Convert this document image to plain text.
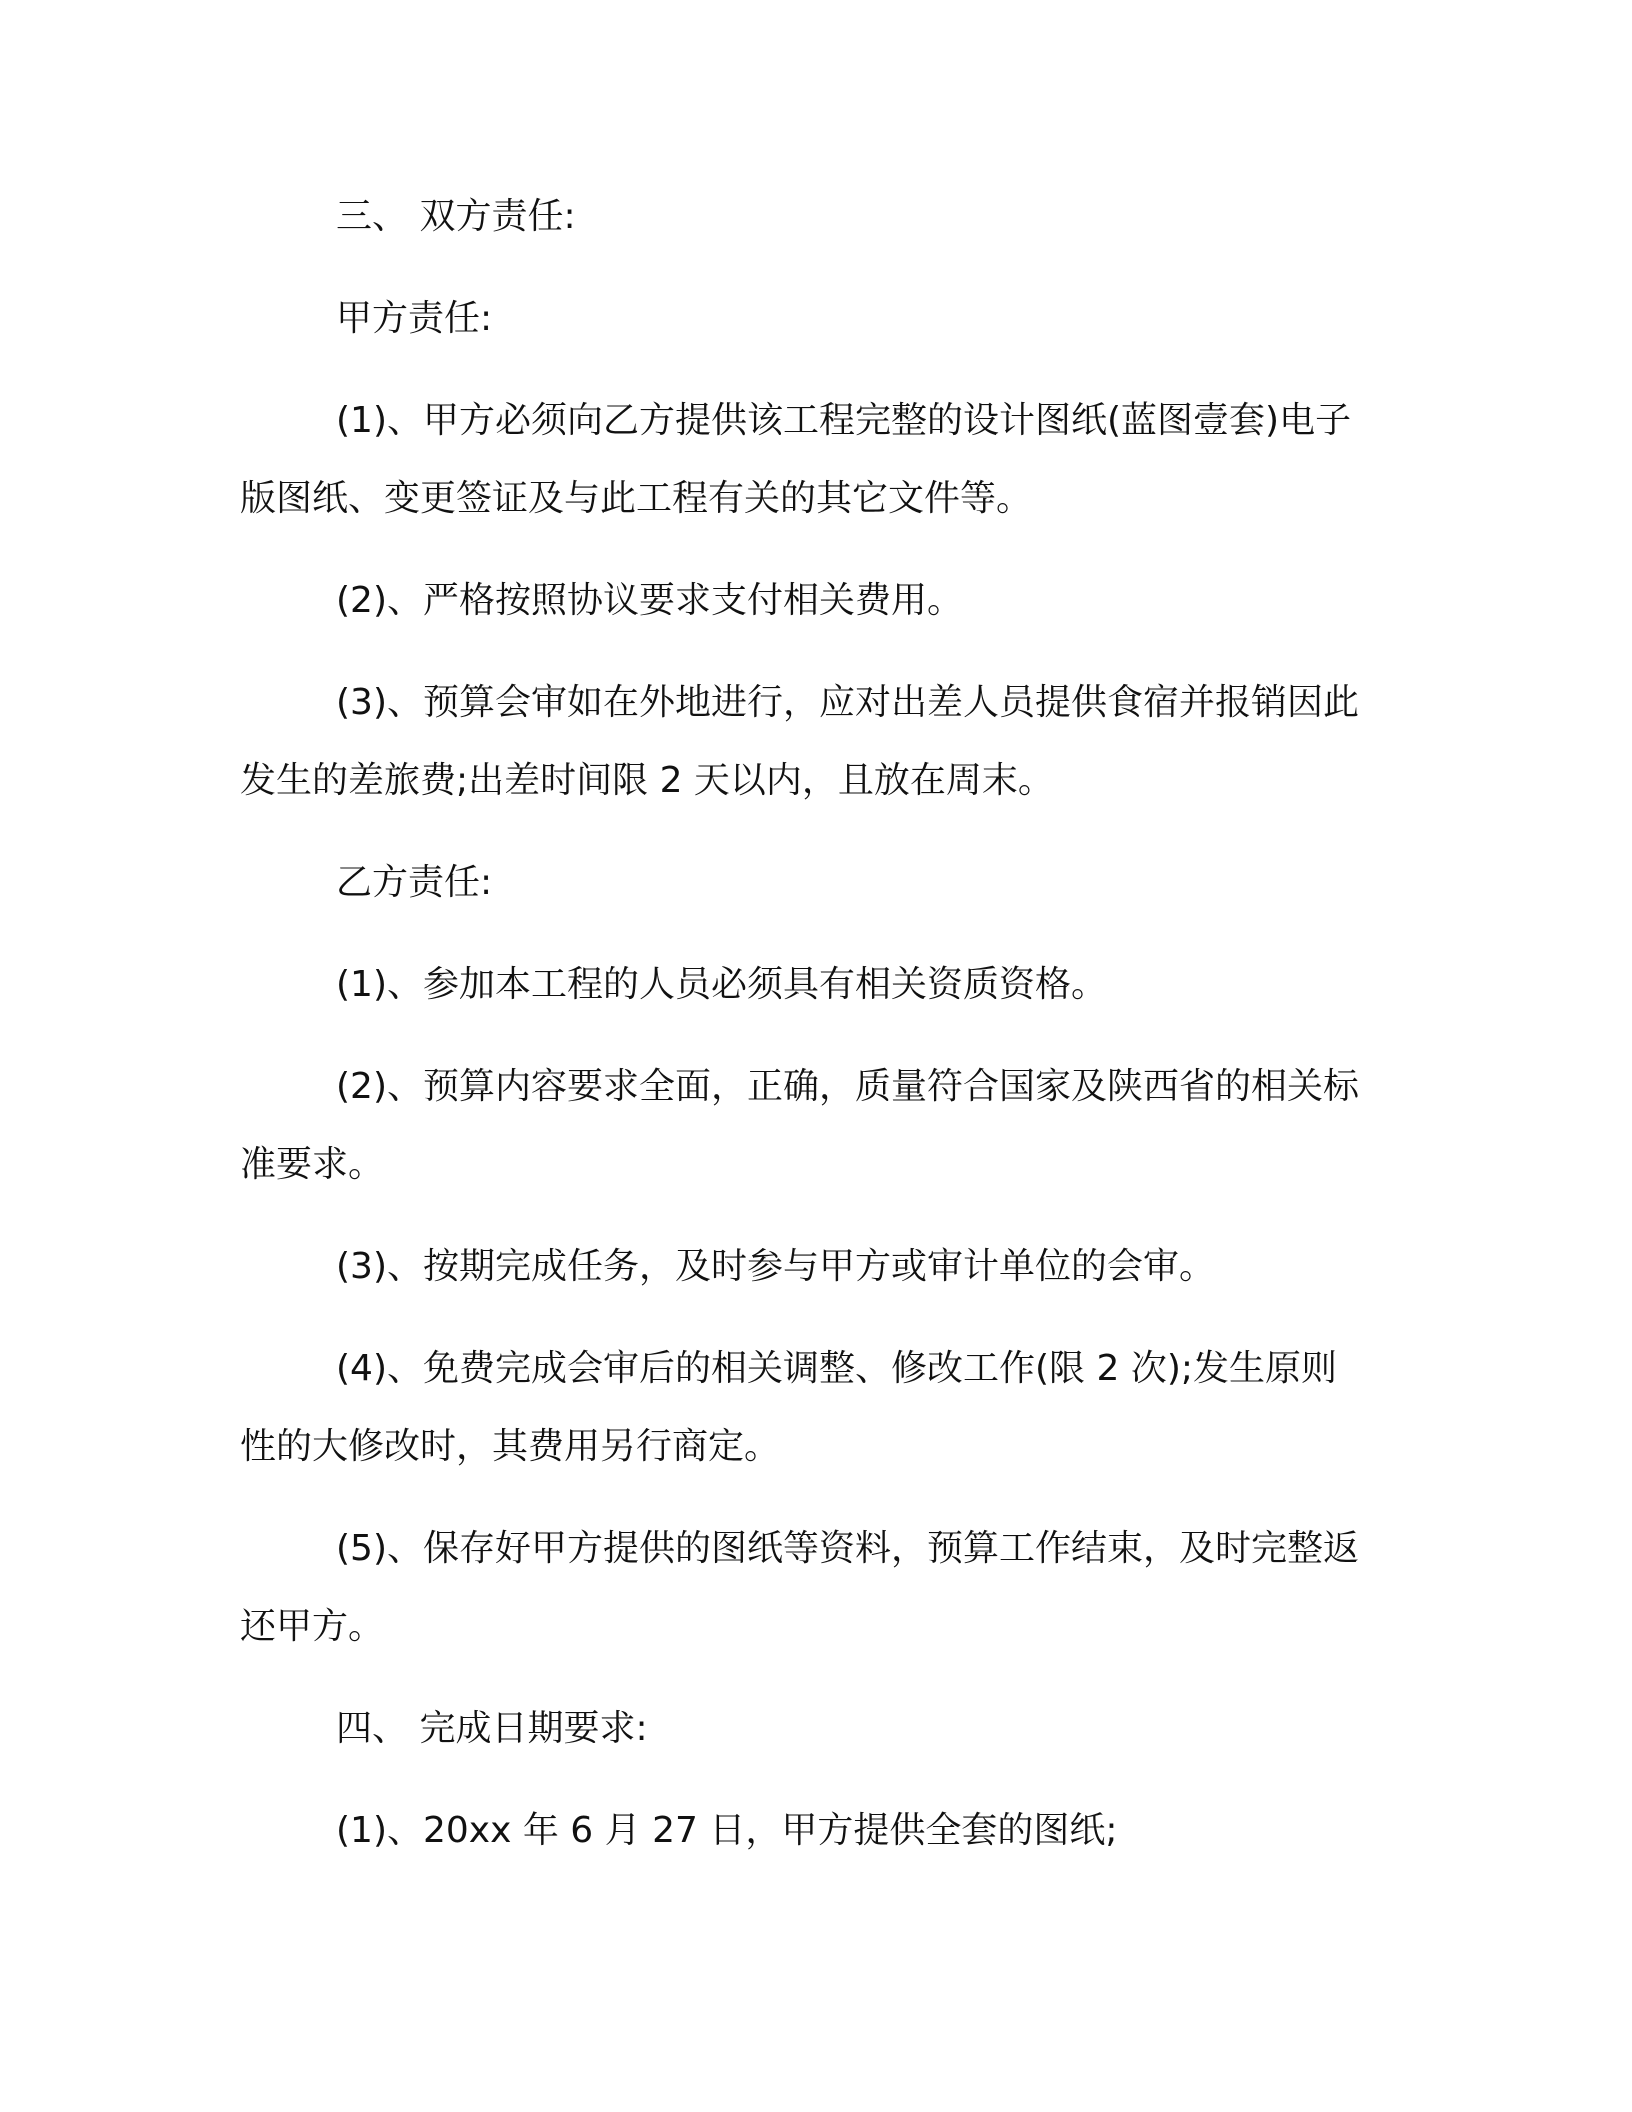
三、 双方责任:

甲方责任:

(1)、甲方必须向乙方提供该工程完整的设计图纸(蓝图壹套)电子

版图纸、变更签证及与此工程有关的其它文件等。

(2)、严格按照协议要求支付相关费用。

(3)、预算会审如在外地进行，应对出差人员提供食宿并报销因此

发生的差旅费;出差时间限 2 天以内，且放在周末。

乙方责任:

(1)、参加本工程的人员必须具有相关资质资格。

(2)、预算内容要求全面，正确，质量符合国家及陕西省的相关标

准要求。

(3)、按期完成任务，及时参与甲方或审计单位的会审。

(4)、免费完成会审后的相关调整、修改工作(限 2 次);发生原则

性的大修改时，其费用另行商定。

(5)、保存好甲方提供的图纸等资料，预算工作结束，及时完整返

还甲方。

四、 完成日期要求:

(1)、20xx 年 6 月 27 日，甲方提供全套的图纸;
